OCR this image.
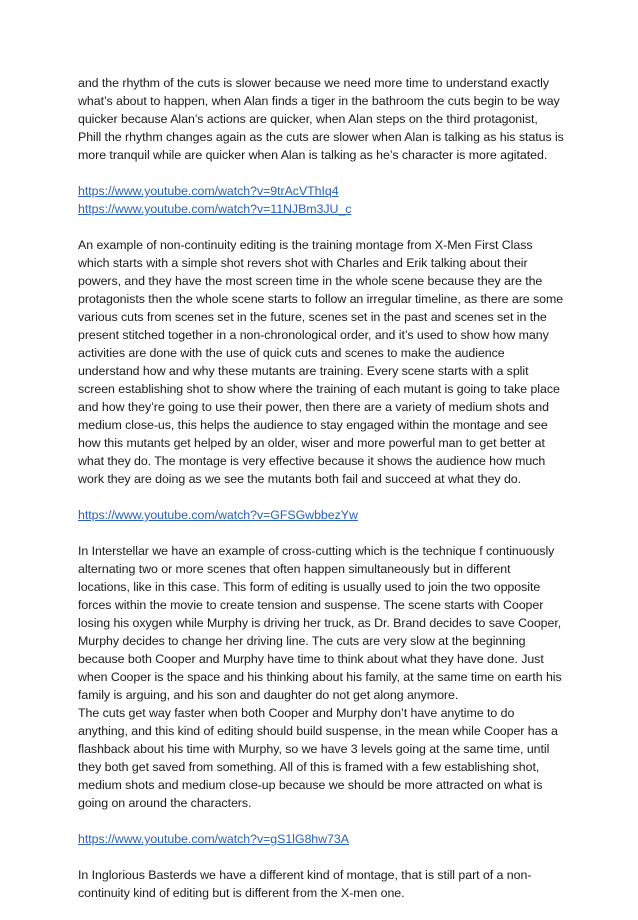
and the rhythm of the cuts is slower because we need more time to understand exactly what’s about to happen, when Alan finds a tiger in the bathroom the cuts begin to be way quicker because Alan’s actions are quicker, when Alan steps on the third protagonist, Phill the rhythm changes again as the cuts are slower when Alan is talking as his status is more tranquil while are quicker when Alan is talking as he’s character is more agitated.

https://www.youtube.com/watch?v=9trAcVThIq4
https://www.youtube.com/watch?v=11NJBm3JU_c

An example of non-continuity editing is the training montage from X-Men First Class which starts with a simple shot revers shot with Charles and Erik talking about their powers, and they have the most screen time in the whole scene because they are the protagonists then the whole scene starts to follow an irregular timeline, as there are some various cuts from scenes set in the future, scenes set in the past and scenes set in the present stitched together in a non-chronological order, and it’s used to show how many activities are done with the use of quick cuts and scenes to make the audience understand how and why these mutants are training. Every scene starts with a split screen establishing shot to show where the training of each mutant is going to take place and how they’re going to use their power, then there are a variety of medium shots and medium close-us, this helps the audience to stay engaged within the montage and see how this mutants get helped by an older, wiser and more powerful man to get better at what they do. The montage is very effective because it shows the audience how much work they are doing as we see the mutants both fail and succeed at what they do.

https://www.youtube.com/watch?v=GFSGwbbezYw

In Interstellar we have an example of cross-cutting which is the technique f continuously alternating two or more scenes that often happen simultaneously but in different locations, like in this case. This form of editing is usually used to join the two opposite forces within the movie to create tension and suspense. The scene starts with Cooper losing his oxygen while Murphy is driving her truck, as Dr. Brand decides to save Cooper, Murphy decides to change her driving line. The cuts are very slow at the beginning because both Cooper and Murphy have time to think about what they have done. Just when Cooper is the space and his thinking about his family, at the same time on earth his family is arguing, and his son and daughter do not get along anymore.

The cuts get way faster when both Cooper and Murphy don’t have anytime to do anything, and this kind of editing should build suspense, in the mean while Cooper has a flashback about his time with Murphy, so we have 3 levels going at the same time, until they both get saved from something. All of this is framed with a few establishing shot, medium shots and medium close-up because we should be more attracted on what is going on around the characters.

https://www.youtube.com/watch?v=gS1lG8hw73A

In Inglorious Basterds we have a different kind of montage, that is still part of a non-continuity kind of editing but is different from the X-men one.
